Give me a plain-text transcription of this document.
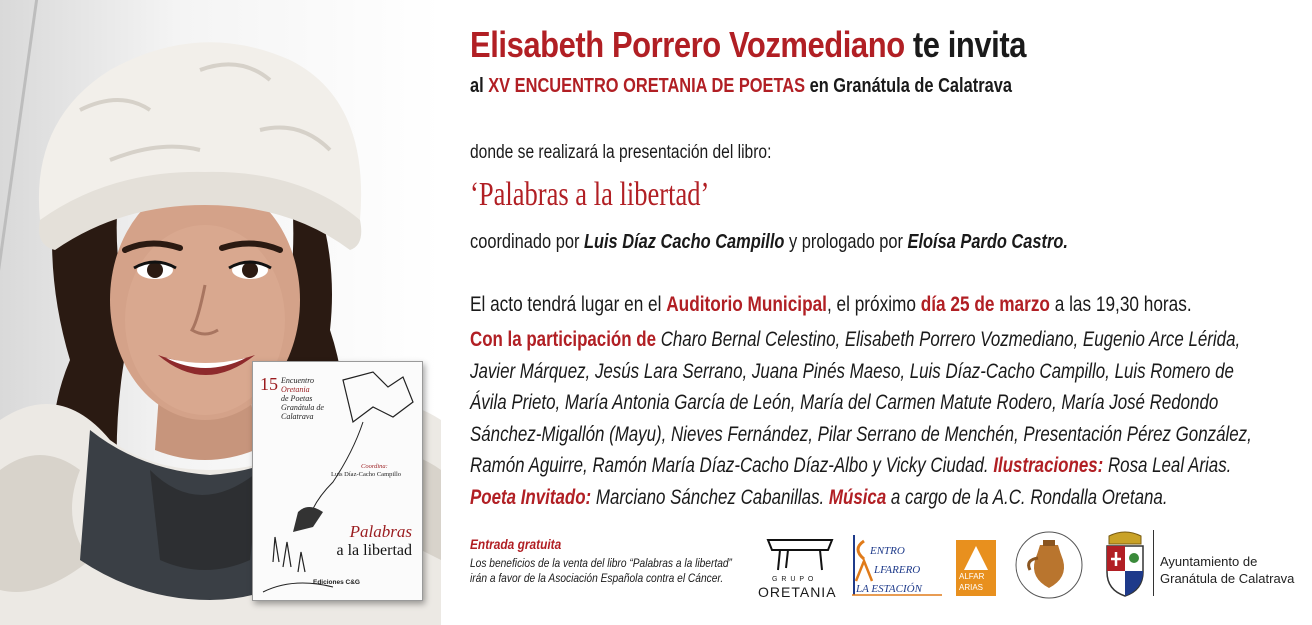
15 Encuentro
Oretania
de Poetas
Granátula de Calatrava
Coordina:
Luis Díaz-Cacho Campillo
Palabras
a la libertad
Ediciones C&G
Elisabeth Porrero Vozmediano te invita
al XV ENCUENTRO ORETANIA DE POETAS en Granátula de Calatrava
donde se realizará la presentación del libro:
‘Palabras a la libertad’
coordinado por Luis Díaz Cacho Campillo y prologado por Eloísa Pardo Castro.
El acto tendrá lugar en el Auditorio Municipal, el próximo día 25 de marzo a las 19,30 horas.
Con la participación de Charo Bernal Celestino, Elisabeth Porrero Vozmediano, Eugenio Arce Lérida, Javier Márquez, Jesús Lara Serrano, Juana Pinés Maeso, Luis Díaz-Cacho Campillo, Luis Romero de Ávila Prieto, María Antonia García de León, María del Carmen Matute Rodero, María José Redondo Sánchez-Migallón (Mayu), Nieves Fernández, Pilar Serrano de Menchén, Presentación Pérez González, Ramón Aguirre, Ramón María Díaz-Cacho Díaz-Albo y Vicky Ciudad. Ilustraciones: Rosa Leal Arias.
Poeta Invitado: Marciano Sánchez Cabanillas. Música a cargo de la A.C. Rondalla Oretana.
Entrada gratuita
Los beneficios de la venta del libro “Palabras a la libertad” irán a favor de la Asociación Española contra el Cáncer.	G R U P O
ORETANIA
ENTRO
LFARERO
LA ESTACIÓN
ALFAR
ARIAS
Ayuntamiento de
Granátula de Calatrava
